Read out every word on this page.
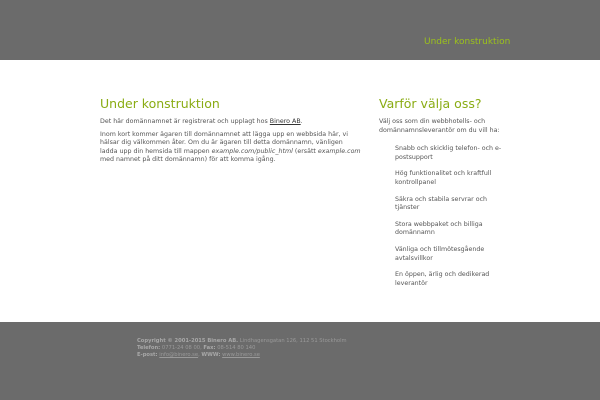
Under konstruktion
Under konstruktion

Det här domännamnet är registrerat och upplagt hos Binero AB.

Inom kort kommer ägaren till domännamnet att lägga upp en webbsida här, vi hälsar dig välkommen åter. Om du är ägaren till detta domännamn, vänligen ladda upp din hemsida till mappen example.com/public_html (ersätt example.com med namnet på ditt domännamn) för att komma igång.

Varför välja oss?

Välj oss som din webbhotells- och domännamnsleverantör om du vill ha:

Snabb och skicklig telefon- och e-postsupport
Hög funktionalitet och kraftfull kontrollpanel
Säkra och stabila servrar och tjänster
Stora webbpaket och billiga domännamn
Vänliga och tillmötesgående avtalsvillkor
En öppen, ärlig och dedikerad leverantör
Copyright © 2001-2015 Binero AB. Lindhagensgatan 126, 112 51 Stockholm
Telefon: 0771-24 08 00, Fax: 08-514 80 140
E-post: info@binero.se, WWW: www.binero.se
